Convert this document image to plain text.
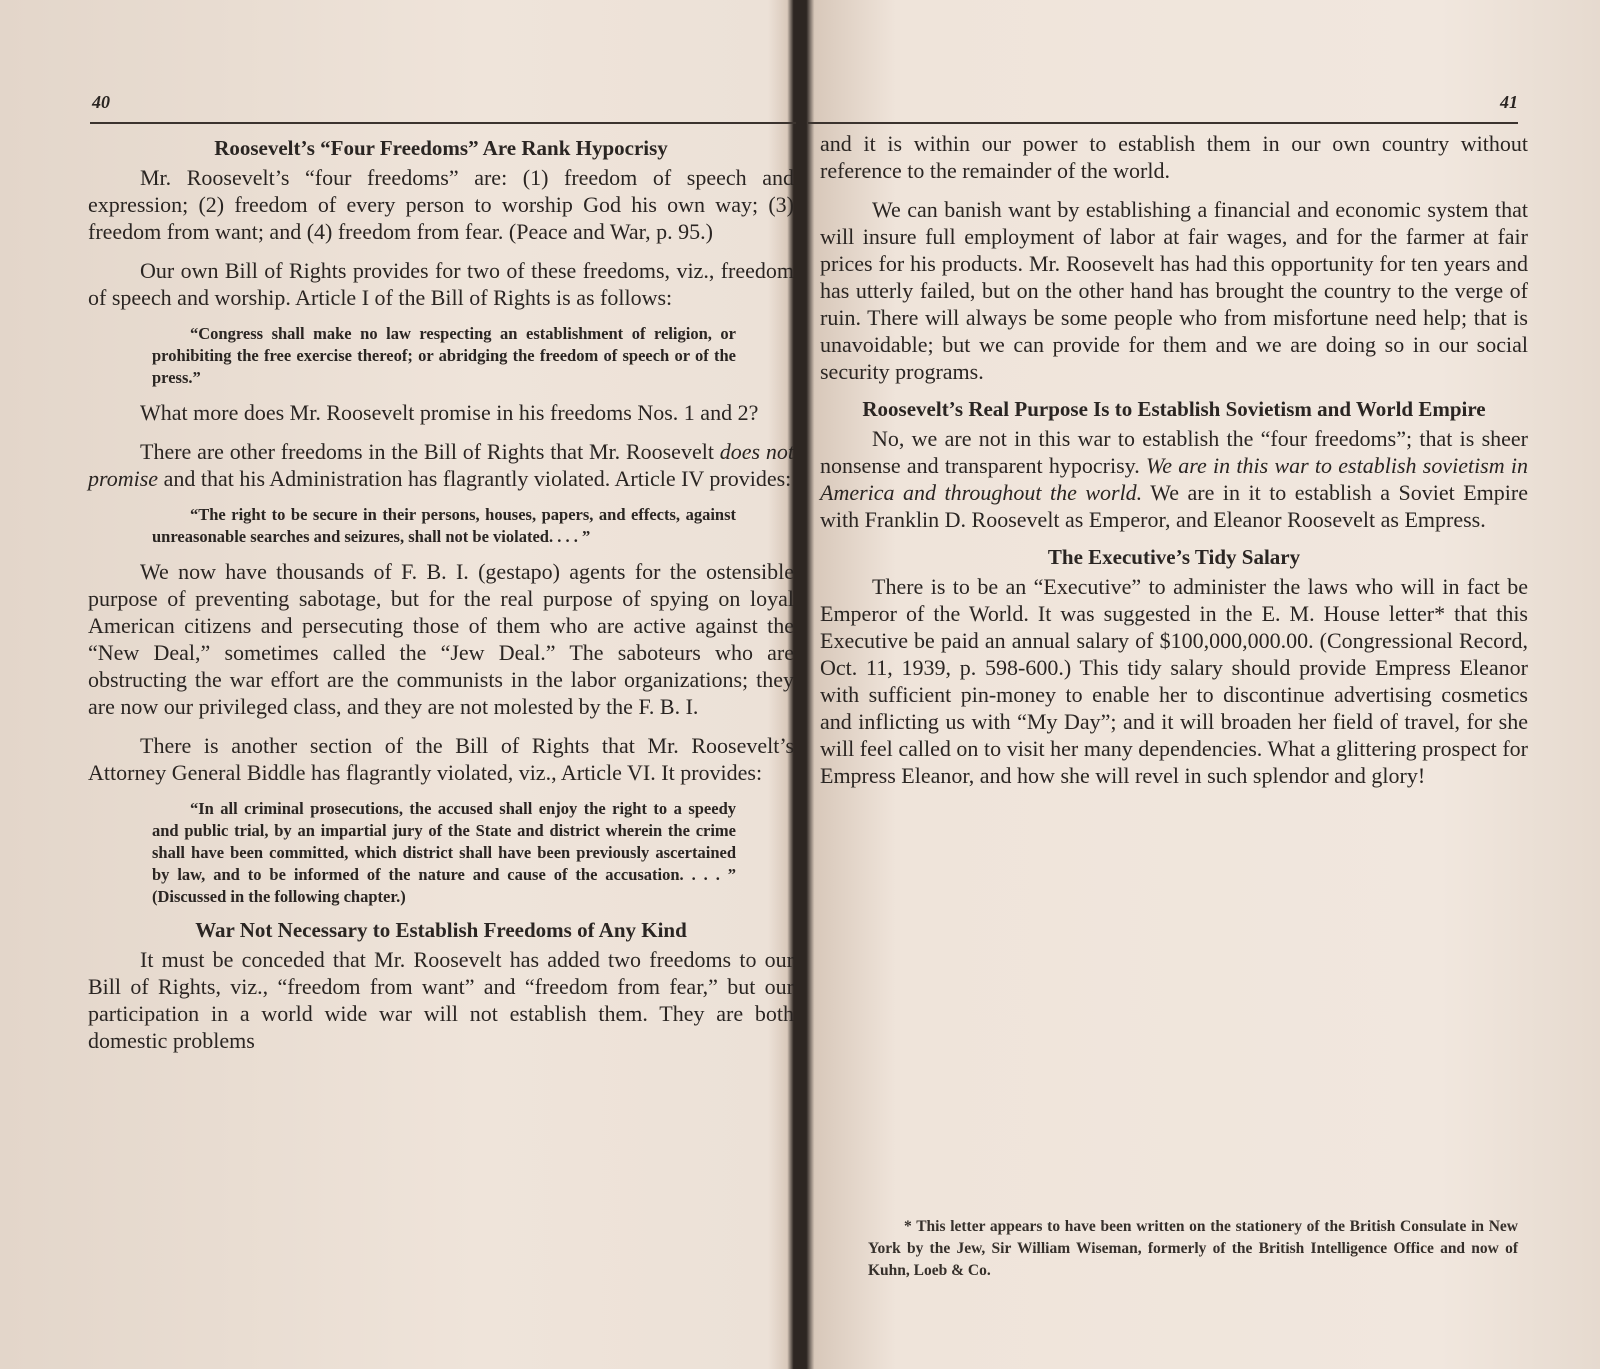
40
Roosevelt’s “Four Freedoms” Are Rank Hypocrisy

Mr. Roosevelt’s “four freedoms” are: (1) freedom of speech and expression; (2) freedom of every person to worship God his own way; (3) freedom from want; and (4) freedom from fear. (Peace and War, p. 95.)

Our own Bill of Rights provides for two of these freedoms, viz., freedom of speech and worship. Article I of the Bill of Rights is as follows:

“Congress shall make no law respecting an establishment of religion, or prohibiting the free exercise thereof; or abridging the freedom of speech or of the press.”

What more does Mr. Roosevelt promise in his freedoms Nos. 1 and 2?

There are other freedoms in the Bill of Rights that Mr. Roosevelt does not promise and that his Administration has flagrantly violated. Article IV provides:

“The right to be secure in their persons, houses, papers, and effects, against unreasonable searches and seizures, shall not be violated. . . . ”

We now have thousands of F. B. I. (gestapo) agents for the ostensible purpose of preventing sabotage, but for the real purpose of spying on loyal American citizens and persecuting those of them who are active against the “New Deal,” sometimes called the “Jew Deal.” The saboteurs who are obstructing the war effort are the communists in the labor organizations; they are now our privileged class, and they are not molested by the F. B. I.

There is another section of the Bill of Rights that Mr. Roosevelt’s Attorney General Biddle has flagrantly violated, viz., Article VI. It provides:

“In all criminal prosecutions, the accused shall enjoy the right to a speedy and public trial, by an impartial jury of the State and district wherein the crime shall have been committed, which district shall have been previously ascertained by law, and to be informed of the nature and cause of the accusation. . . . ” (Discussed in the following chapter.)

War Not Necessary to Establish Freedoms of Any Kind

It must be conceded that Mr. Roosevelt has added two freedoms to our Bill of Rights, viz., “freedom from want” and “freedom from fear,” but our participation in a world wide war will not establish them. They are both domestic problems

41

and it is within our power to establish them in our own country without reference to the remainder of the world.

We can banish want by establishing a financial and economic system that will insure full employment of labor at fair wages, and for the farmer at fair prices for his products. Mr. Roosevelt has had this opportunity for ten years and has utterly failed, but on the other hand has brought the country to the verge of ruin. There will always be some people who from misfortune need help; that is unavoidable; but we can provide for them and we are doing so in our social security programs.

Roosevelt’s Real Purpose Is to Establish Sovietism and World Empire

No, we are not in this war to establish the “four freedoms”; that is sheer nonsense and transparent hypocrisy. We are in this war to establish sovietism in America and throughout the world. We are in it to establish a Soviet Empire with Franklin D. Roosevelt as Emperor, and Eleanor Roosevelt as Empress.

The Executive’s Tidy Salary

There is to be an “Executive” to administer the laws who will in fact be Emperor of the World. It was suggested in the E. M. House letter* that this Executive be paid an annual salary of $100,000,000.00. (Congressional Record, Oct. 11, 1939, p. 598-600.) This tidy salary should provide Empress Eleanor with sufficient pin-money to enable her to discontinue advertising cosmetics and inflicting us with “My Day”; and it will broaden her field of travel, for she will feel called on to visit her many dependencies. What a glittering prospect for Empress Eleanor, and how she will revel in such splendor and glory!

* This letter appears to have been written on the stationery of the British Consulate in New York by the Jew, Sir William Wiseman, formerly of the British Intelligence Office and now of Kuhn, Loeb & Co.
